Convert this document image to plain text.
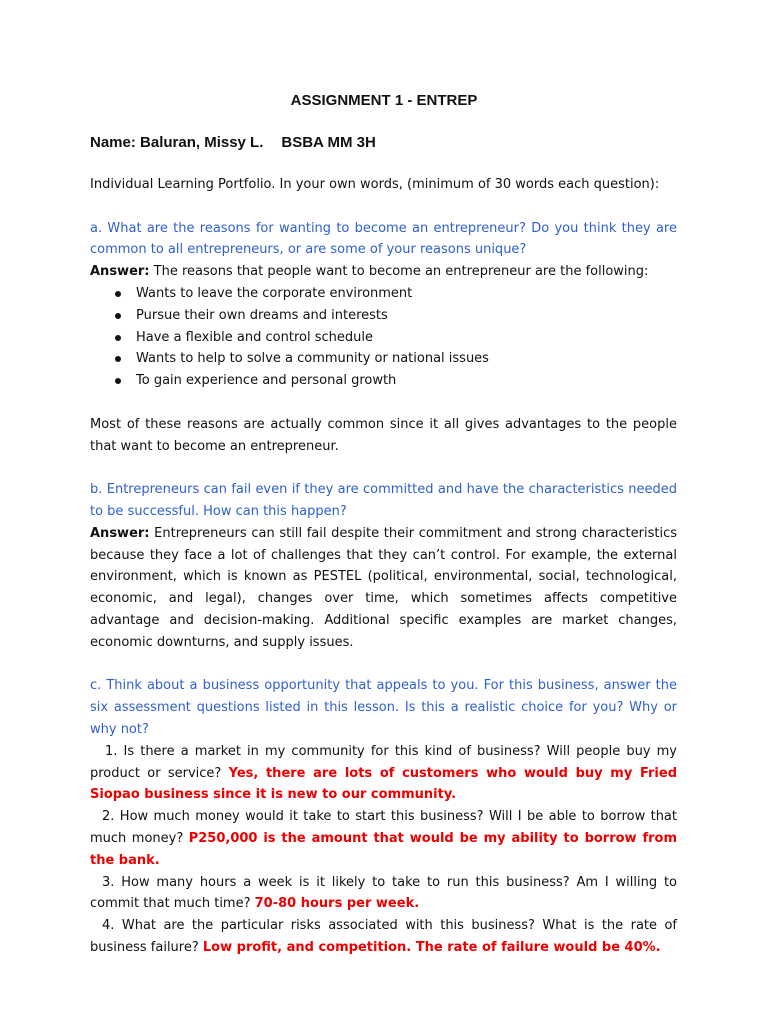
ASSIGNMENT 1 - ENTREP
Name: Baluran, Missy L. BSBA MM 3H

Individual Learning Portfolio. In your own words, (minimum of 30 words each question):

a. What are the reasons for wanting to become an entrepreneur? Do you think they are common to all entrepreneurs, or are some of your reasons unique?

Answer: The reasons that people want to become an entrepreneur are the following:

Wants to leave the corporate environment
Pursue their own dreams and interests
Have a flexible and control schedule
Wants to help to solve a community or national issues
To gain experience and personal growth

Most of these reasons are actually common since it all gives advantages to the people that want to become an entrepreneur.

b. Entrepreneurs can fail even if they are committed and have the characteristics needed to be successful. How can this happen?

Answer: Entrepreneurs can still fail despite their commitment and strong characteristics because they face a lot of challenges that they can’t control. For example, the external environment, which is known as PESTEL (political, environmental, social, technological, economic, and legal), changes over time, which sometimes affects competitive advantage and decision-making. Additional specific examples are market changes, economic downturns, and supply issues.

c. Think about a business opportunity that appeals to you. For this business, answer the six assessment questions listed in this lesson. Is this a realistic choice for you? Why or why not?

1. Is there a market in my community for this kind of business? Will people buy my product or service? Yes, there are lots of customers who would buy my Fried Siopao business since it is new to our community.

2. How much money would it take to start this business? Will I be able to borrow that much money? P250,000 is the amount that would be my ability to borrow from the bank.

3. How many hours a week is it likely to take to run this business? Am I willing to commit that much time? 70-80 hours per week.

4. What are the particular risks associated with this business? What is the rate of business failure? Low profit, and competition. The rate of failure would be 40%.
